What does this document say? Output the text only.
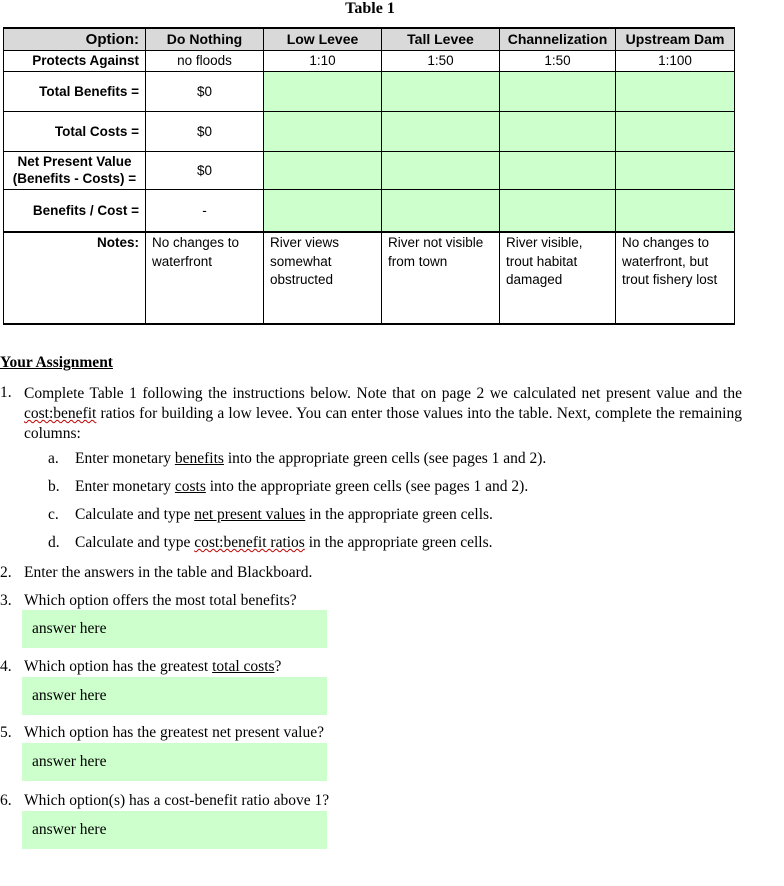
Table 1
Option:	Do Nothing	Low Levee	Tall Levee	Channelization	Upstream Dam
Protects Against	no floods	1:10	1:50	1:50	1:100
Total Benefits =	$0				
Total Costs =	$0				
Net Present Value
(Benefits - Costs) =	$0				
Benefits / Cost =	-				
Notes:	No changes to waterfront	River views somewhat obstructed	River not visible from town	River visible, trout habitat damaged	No changes to waterfront, but trout fishery lost
Your Assignment
1. Complete Table 1 following the instructions below. Note that on page 2 we calculated net present value and the cost:benefit ratios for building a low levee. You can enter those values into the table. Next, complete the remaining columns:
a. Enter monetary benefits into the appropriate green cells (see pages 1 and 2).
b. Enter monetary costs into the appropriate green cells (see pages 1 and 2).
c. Calculate and type net present values in the appropriate green cells.
d. Calculate and type cost:benefit ratios in the appropriate green cells.
2. Enter the answers in the table and Blackboard.
3. Which option offers the most total benefits?
answer here
4. Which option has the greatest total costs?
answer here
5. Which option has the greatest net present value?
answer here
6. Which option(s) has a cost-benefit ratio above 1?
answer here
